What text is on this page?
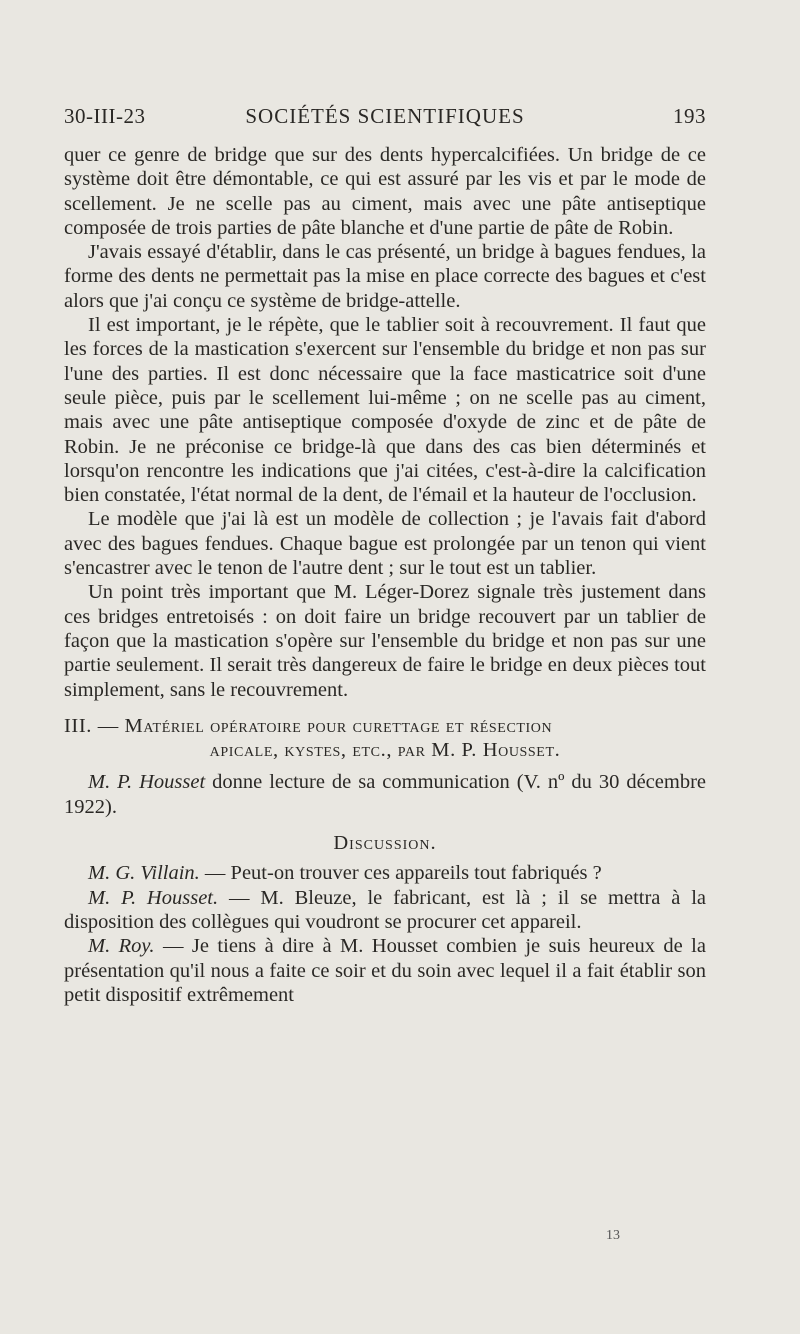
30-III-23	SOCIÉTÉS SCIENTIFIQUES	193

quer ce genre de bridge que sur des dents hypercalcifiées. Un bridge de ce système doit être démontable, ce qui est assuré par les vis et par le mode de scellement. Je ne scelle pas au ciment, mais avec une pâte antiseptique composée de trois parties de pâte blanche et d'une partie de pâte de Robin.

J'avais essayé d'établir, dans le cas présenté, un bridge à bagues fendues, la forme des dents ne permettait pas la mise en place correcte des bagues et c'est alors que j'ai conçu ce système de bridge-attelle.

Il est important, je le répète, que le tablier soit à recouvrement. Il faut que les forces de la mastication s'exercent sur l'ensemble du bridge et non pas sur l'une des parties. Il est donc nécessaire que la face masticatrice soit d'une seule pièce, puis par le scellement lui-même ; on ne scelle pas au ciment, mais avec une pâte antiseptique composée d'oxyde de zinc et de pâte de Robin. Je ne préconise ce bridge-là que dans des cas bien déterminés et lorsqu'on rencontre les indications que j'ai citées, c'est-à-dire la calcification bien constatée, l'état normal de la dent, de l'émail et la hauteur de l'occlusion.

Le modèle que j'ai là est un modèle de collection ; je l'avais fait d'abord avec des bagues fendues. Chaque bague est prolongée par un tenon qui vient s'encastrer avec le tenon de l'autre dent ; sur le tout est un tablier.

Un point très important que M. Léger-Dorez signale très justement dans ces bridges entretoisés : on doit faire un bridge recouvert par un tablier de façon que la mastication s'opère sur l'ensemble du bridge et non pas sur une partie seulement. Il serait très dangereux de faire le bridge en deux pièces tout simplement, sans le recouvrement.

III. — Matériel opératoire pour curettage et résection
apicale, kystes, etc., par M. P. Housset.

M. P. Housset donne lecture de sa communication (V. nº du 30 décembre 1922).

Discussion.

M. G. Villain. — Peut-on trouver ces appareils tout fabriqués ?

M. P. Housset. — M. Bleuze, le fabricant, est là ; il se mettra à la disposition des collègues qui voudront se procurer cet appareil.

M. Roy. — Je tiens à dire à M. Housset combien je suis heureux de la présentation qu'il nous a faite ce soir et du soin avec lequel il a fait établir son petit dispositif extrêmement

13
